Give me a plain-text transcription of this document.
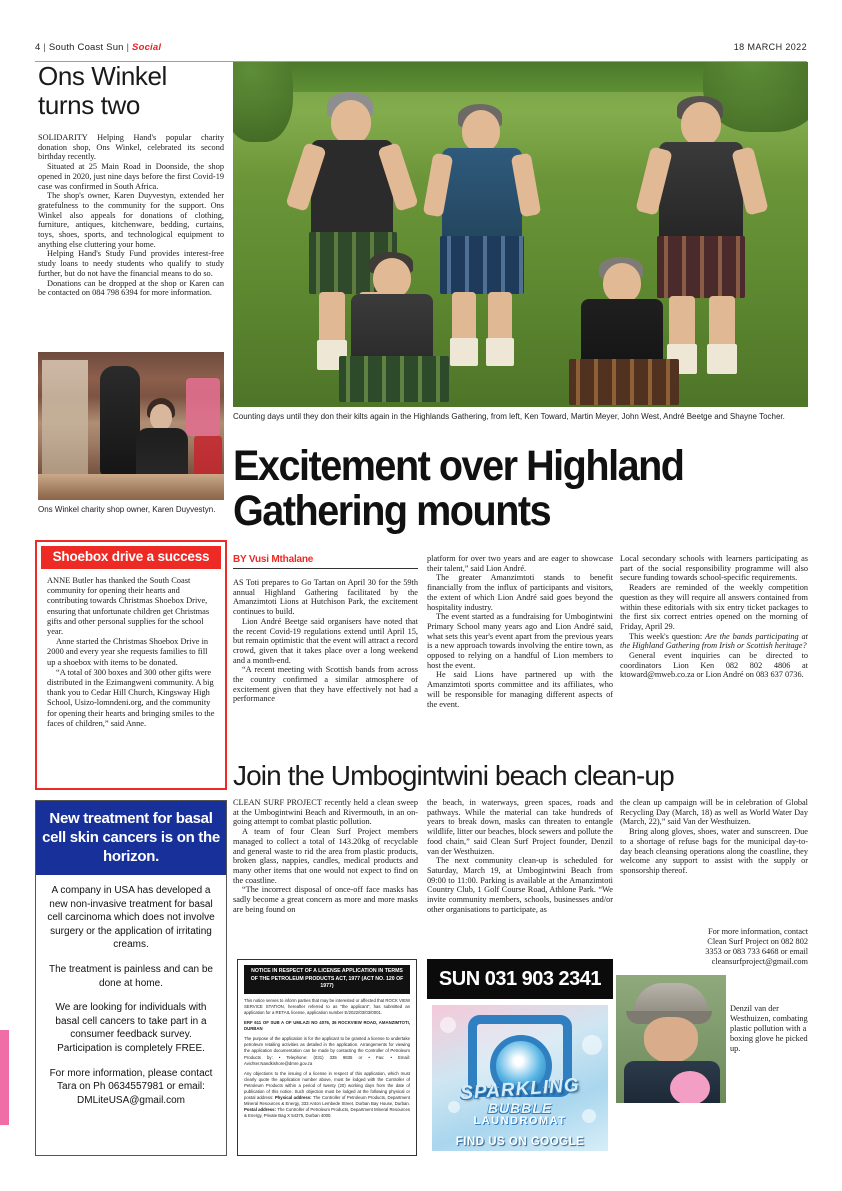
4 | South Coast Sun | Social	18 MARCH 2022
Ons Winkel turns two

SOLIDARITY Helping Hand's popular charity donation shop, Ons Winkel, celebrated its second birthday recently.

Situated at 25 Main Road in Doonside, the shop opened in 2020, just nine days before the first Covid-19 case was confirmed in South Africa.

The shop's owner, Karen Duyvestyn, extended her gratefulness to the community for the support. Ons Winkel also appeals for donations of clothing, furniture, antiques, kitchenware, bedding, curtains, toys, shoes, sports, and technological equipment to anything else cluttering your home.

Helping Hand's Study Fund provides interest-free study loans to needy students who qualify to study further, but do not have the financial means to do so.

Donations can be dropped at the shop or Karen can be contacted on 084 798 6394 for more information.

Ons Winkel charity shop owner, Karen Duyvestyn.
Shoebox drive a success

ANNE Butler has thanked the South Coast community for opening their hearts and contributing towards Christmas Shoebox Drive, ensuring that unfortunate children get Christmas gifts and other personal supplies for the school year.

Anne started the Christmas Shoebox Drive in 2000 and every year she requests families to fill up a shoebox with items to be donated.

“A total of 300 boxes and 300 other gifts were distributed in the Ezimangweni community. A big thank you to Cedar Hill Church, Kingsway High School, Usizo-lomndeni.org, and the community for opening their hearts and bringing smiles to the faces of children,” said Anne.

New treatment for basal cell skin cancers is on the horizon.

A company in USA has developed a new non-invasive treatment for basal cell carcinoma which does not involve surgery or the application of irritating creams.

The treatment is painless and can be done at home.

We are looking for individuals with basal cell cancers to take part in a consumer feedback survey. Participation is completely FREE.

For more information, please contact Tara on Ph 0634557981 or email: DMLiteUSA@gmail.com

Counting days until they don their kilts again in the Highlands Gathering, from left, Ken Toward, Martin Meyer, John West, André Beetge and Shayne Tocher.
Excitement over Highland Gathering mounts
BY Vusi Mthalane

AS Toti prepares to Go Tartan on April 30 for the 59th annual Highland Gathering facilitated by the Amanzimtoti Lions at Hutchison Park, the excitement continues to build.

Lion André Beetge said organisers have noted that the recent Covid-19 regulations extend until April 15, but remain optimistic that the event will attract a record crowd, given that it takes place over a long weekend and a month-end.

“A recent meeting with Scottish bands from across the country confirmed a similar atmosphere of excitement given that they have effectively not had a performance

platform for over two years and are eager to showcase their talent,” said Lion André.

The greater Amanzimtoti stands to benefit financially from the influx of participants and visitors, the extent of which Lion André said goes beyond the hospitality industry.

The event started as a fundraising for Umbogintwini Primary School many years ago and Lion André said, what sets this year's event apart from the previous years is a new approach towards involving the entire town, as opposed to relying on a handful of Lion members to host the event.

He said Lions have partnered up with the Amanzimtoti sports committee and its affiliates, who will be responsible for managing different aspects of the event.

Local secondary schools with learners participating as part of the social responsibility programme will also secure funding towards school-specific requirements.

Readers are reminded of the weekly competition question as they will require all answers contained from within these editorials with six entry ticket packages to the first six correct entries opened on the morning of Friday, April 29.

This week's question: Are the bands participating at the Highland Gathering from Irish or Scottish heritage?

General event inquiries can be directed to coordinators Lion Ken 082 802 4806 at ktoward@mweb.co.za or Lion André on 083 637 0736.

Join the Umbogintwini beach clean-up

CLEAN SURF PROJECT recently held a clean sweep at the Umbogintwini Beach and Rivermouth, in an on-going attempt to combat plastic pollution.

A team of four Clean Surf Project members managed to collect a total of 143.20kg of recyclable and general waste to rid the area from plastic products, broken glass, nappies, candles, medical products and many other items that one would not expect to find on the coastline.

“The incorrect disposal of once-off face masks has sadly become a great concern as more and more masks are being found on

the beach, in waterways, green spaces, roads and pathways. While the material can take hundreds of years to break down, masks can threaten to entangle wildlife, litter our beaches, block sewers and pollute the food chain,” said Clean Surf Project founder, Denzil van der Westhuizen.

The next community clean-up is scheduled for Saturday, March 19, at Umbogintwini Beach from 09:00 to 11:00. Parking is available at the Amanzimtoti Country Club, 1 Golf Course Road, Athlone Park. “We invite community members, schools, businesses and/or other organisations to participate, as

the clean up campaign will be in celebration of Global Recycling Day (March, 18) as well as World Water Day (March, 22),” said Van der Westhuizen.

Bring along gloves, shoes, water and sunscreen. Due to a shortage of refuse bags for the municipal day-to-day beach cleansing operations along the coastline, they welcome any support to assist with the supply or sponsorship thereof.

For more information, contact Clean Surf Project on 082 802 3353 or 083 733 6468 or email cleansurfproject@gmail.com
Denzil van der Westhuizen, combating plastic pollution with a boxing glove he picked up.
NOTICE IN RESPECT OF A LICENSE APPLICATION IN TERMS OF THE PETROLEUM PRODUCTS ACT, 1977 (ACT NO. 120 OF 1977)

This notice serves to inform parties that may be interested or affected that ROCK VIEW SERVICE STATION, hereafter referred to as “the applicant”, has submitted an application for a RETAIL license, application number E/2022/03/03/0001.

ERF 611 OF SUB A OF UMLAZI NO 4076, 36 ROCKVIEW ROAD, AMANZIMTOTI, DURBAN

The purpose of the application is for the applicant to be granted a license to undertake petroleum retailing activities as detailed in the application. Arrangements for viewing the application documentation can be made by contacting the Controller of Petroleum Products by: • Telephone: (031) 335 9835 or • Fax: • Email: Avichter.Nandkishore@dmre.gov.za

Any objections to the issuing of a license in respect of this application, which must clearly quote the application number above, must be lodged with the Controller of Petroleum Products within a period of twenty (20) working days from the date of publication of this notice. Such objection must be lodged at the following physical or postal address: Physical address: The Controller of Petroleum Products, Department Mineral Resources & Energy, 333 Anton Lembede Street, Durban Bay House, Durban. Postal address: The Controller of Petroleum Products, Department Mineral Resources & Energy, Private Bag X 54375, Durban 4000.

SUN 031 903 2341
SPARKLING
BUBBLE
LAUNDROMAT
FIND US ON GOOGLE
